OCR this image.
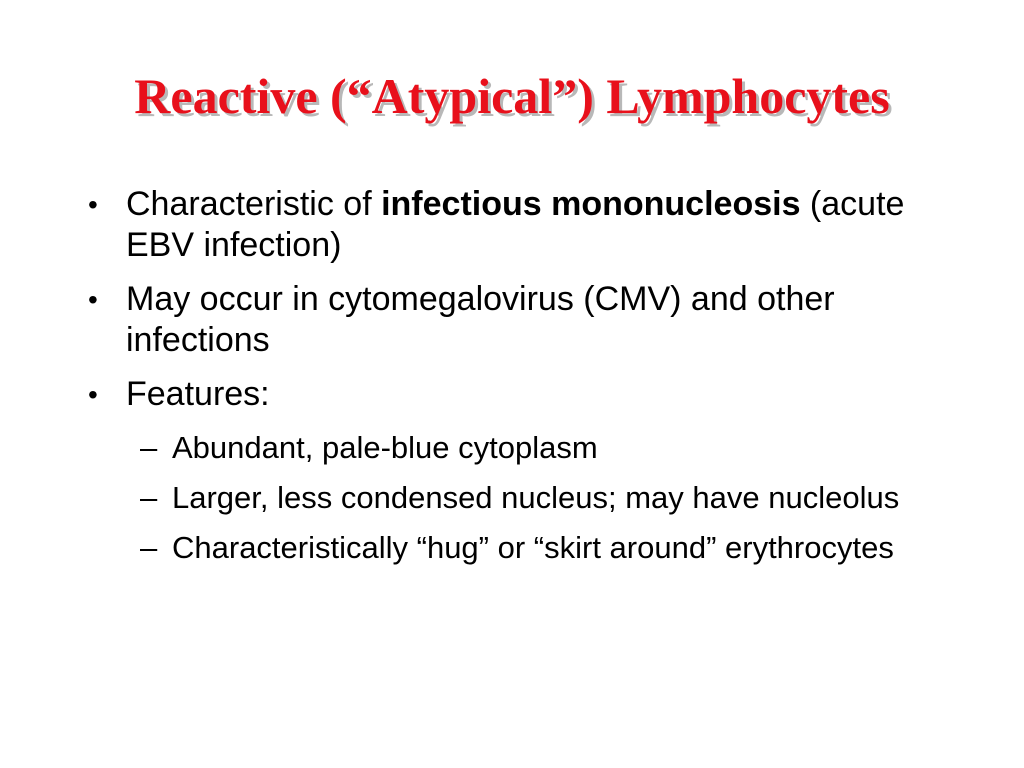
Reactive (“Atypical”) Lymphocytes
• Characteristic of infectious mononucleosis (acute EBV infection)
• May occur in cytomegalovirus (CMV) and other infections
• Features:
– Abundant, pale-blue cytoplasm
– Larger, less condensed nucleus; may have nucleolus
– Characteristically “hug” or “skirt around” erythrocytes
